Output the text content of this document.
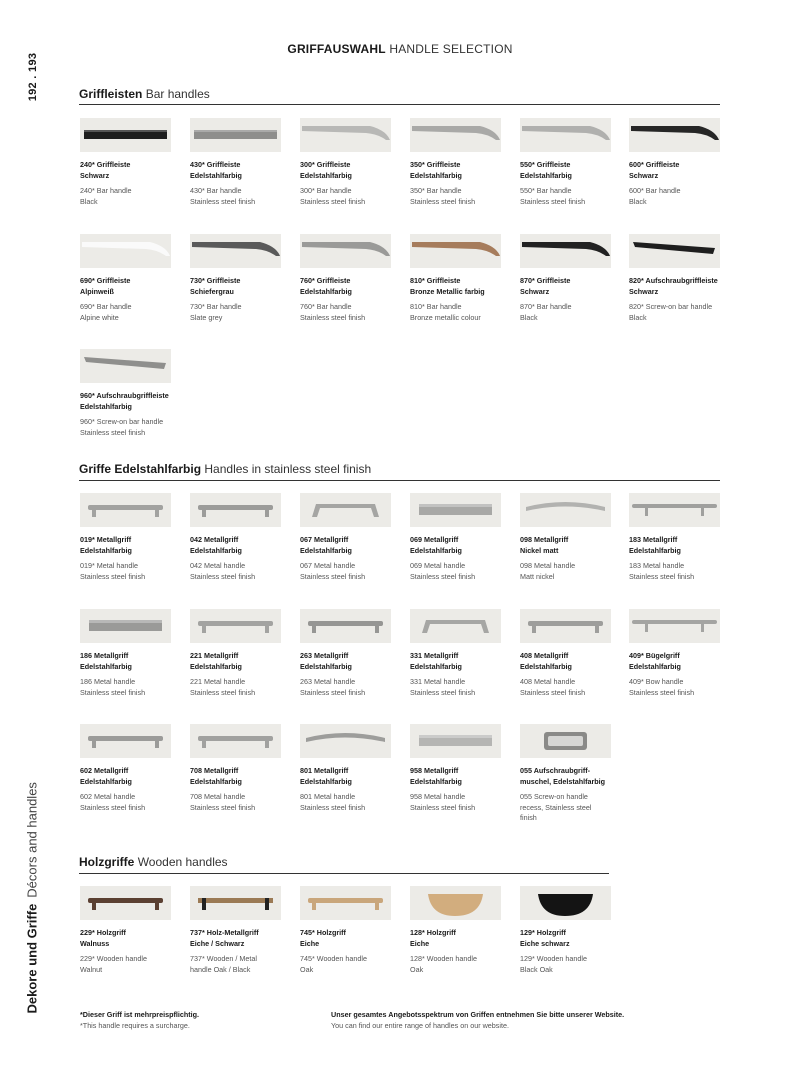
192 . 193
Dekore und GriffeDécors and handles
GRIFFAUSWAHL HANDLE SELECTION
Griffleisten Bar handles
Griffe Edelstahlfarbig Handles in stainless steel finish
Holzgriffe Wooden handles
240* Griffleiste
Schwarz
240* Bar handle
Black
430* Griffleiste
Edelstahlfarbig
430* Bar handle
Stainless steel finish
300* Griffleiste
Edelstahlfarbig
300* Bar handle
Stainless steel finish
350* Griffleiste
Edelstahlfarbig
350* Bar handle
Stainless steel finish
550* Griffleiste
Edelstahlfarbig
550* Bar handle
Stainless steel finish
600* Griffleiste
Schwarz
600* Bar handle
Black
690* Griffleiste
Alpinweiß
690* Bar handle
Alpine white
730* Griffleiste
Schiefergrau
730* Bar handle
Slate grey
760* Griffleiste
Edelstahlfarbig
760* Bar handle
Stainless steel finish
810* Griffleiste
Bronze Metallic farbig
810* Bar handle
Bronze metallic colour
870* Griffleiste
Schwarz
870* Bar handle
Black
820* Aufschraubgriffleiste
Schwarz
820* Screw-on bar handle
Black
960* Aufschraubgriffleiste
Edelstahlfarbig
960* Screw-on bar handle
Stainless steel finish
019* Metallgriff
Edelstahlfarbig
019* Metal handle
Stainless steel finish
042 Metallgriff
Edelstahlfarbig
042 Metal handle
Stainless steel finish
067 Metallgriff
Edelstahlfarbig
067 Metal handle
Stainless steel finish
069 Metallgriff
Edelstahlfarbig
069 Metal handle
Stainless steel finish
098 Metallgriff
Nickel matt
098 Metal handle
Matt nickel
183 Metallgriff
Edelstahlfarbig
183 Metal handle
Stainless steel finish
186 Metallgriff
Edelstahlfarbig
186 Metal handle
Stainless steel finish
221 Metallgriff
Edelstahlfarbig
221 Metal handle
Stainless steel finish
263 Metallgriff
Edelstahlfarbig
263 Metal handle
Stainless steel finish
331 Metallgriff
Edelstahlfarbig
331 Metal handle
Stainless steel finish
408 Metallgriff
Edelstahlfarbig
408 Metal handle
Stainless steel finish
409* Bügelgriff
Edelstahlfarbig
409* Bow handle
Stainless steel finish
602 Metallgriff
Edelstahlfarbig
602 Metal handle
Stainless steel finish
708 Metallgriff
Edelstahlfarbig
708 Metal handle
Stainless steel finish
801 Metallgriff
Edelstahlfarbig
801 Metal handle
Stainless steel finish
958 Metallgriff
Edelstahlfarbig
958 Metal handle
Stainless steel finish
055 Aufschraubgriff-
muschel, Edelstahlfarbig
055 Screw-on handle
recess, Stainless steel
finish
229* Holzgriff
Walnuss
229* Wooden handle
Walnut
737* Holz-Metallgriff
Eiche / Schwarz
737* Wooden / Metal
handle Oak / Black
745* Holzgriff
Eiche
745* Wooden handle
Oak
128* Holzgriff
Eiche
128* Wooden handle
Oak
129* Holzgriff
Eiche schwarz
129* Wooden handle
Black Oak
*Dieser Griff ist mehrpreispflichtig.
*This handle requires a surcharge.
Unser gesamtes Angebotsspektrum von Griffen entnehmen Sie bitte unserer Website.
You can find our entire range of handles on our website.
